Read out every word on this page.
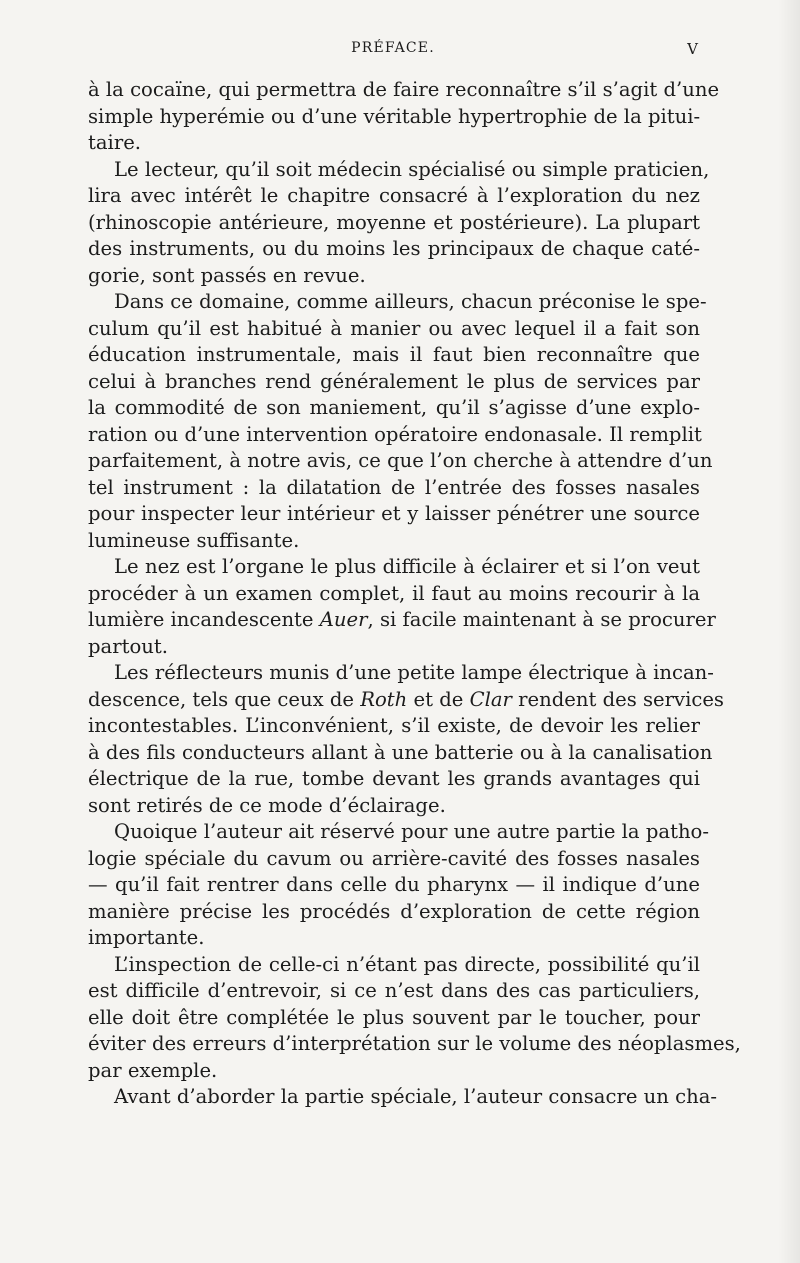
PRÉFACE.	V

à la cocaïne, qui permettra de faire reconnaître s’il s’agit d’une
simple hyperémie ou d’une véritable hypertrophie de la pitui-
taire.

Le lecteur, qu’il soit médecin spécialisé ou simple praticien,
lira avec intérêt le chapitre consacré à l’exploration du nez
(rhinoscopie antérieure, moyenne et postérieure). La plupart
des instruments, ou du moins les principaux de chaque caté-
gorie, sont passés en revue.

Dans ce domaine, comme ailleurs, chacun préconise le spe-
culum qu’il est habitué à manier ou avec lequel il a fait son
éducation instrumentale, mais il faut bien reconnaître que
celui à branches rend généralement le plus de services par
la commodité de son maniement, qu’il s’agisse d’une explo-
ration ou d’une intervention opératoire endonasale. Il remplit
parfaitement, à notre avis, ce que l’on cherche à attendre d’un
tel instrument : la dilatation de l’entrée des fosses nasales
pour inspecter leur intérieur et y laisser pénétrer une source
lumineuse suffisante.

Le nez est l’organe le plus difficile à éclairer et si l’on veut
procéder à un examen complet, il faut au moins recourir à la
lumière incandescente Auer, si facile maintenant à se procurer
partout.

Les réflecteurs munis d’une petite lampe électrique à incan-
descence, tels que ceux de Roth et de Clar rendent des services
incontestables. L’inconvénient, s’il existe, de devoir les relier
à des fils conducteurs allant à une batterie ou à la canalisation
électrique de la rue, tombe devant les grands avantages qui
sont retirés de ce mode d’éclairage.

Quoique l’auteur ait réservé pour une autre partie la patho-
logie spéciale du cavum ou arrière-cavité des fosses nasales
— qu’il fait rentrer dans celle du pharynx — il indique d’une
manière précise les procédés d’exploration de cette région
importante.

L’inspection de celle-ci n’étant pas directe, possibilité qu’il
est difficile d’entrevoir, si ce n’est dans des cas particuliers,
elle doit être complétée le plus souvent par le toucher, pour
éviter des erreurs d’interprétation sur le volume des néoplasmes,
par exemple.

Avant d’aborder la partie spéciale, l’auteur consacre un cha-
